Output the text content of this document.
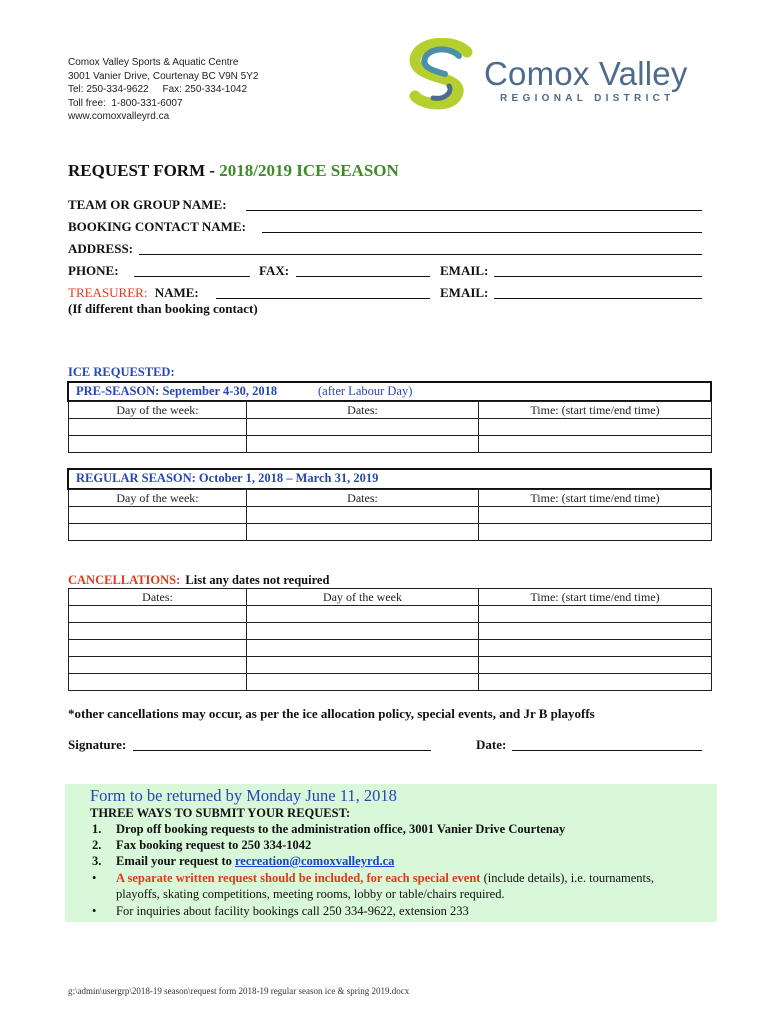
Comox Valley Sports & Aquatic Centre
3001 Vanier Drive, Courtenay BC V9N 5Y2
Tel: 250-334-9622     Fax: 250-334-1042
Toll free:  1-800-331-6007
www.comoxvalleyrd.ca
Comox Valley
REGIONAL DISTRICT
REQUEST FORM - 2018/2019 ICE SEASON
TEAM OR GROUP NAME:
BOOKING CONTACT NAME:
ADDRESS:
PHONE:	FAX:	EMAIL:
TREASURER: NAME:	EMAIL:
(If different than booking contact)
ICE REQUESTED:
PRE-SEASON: September 4-30, 2018	(after Labour Day)
Day of the week:	Dates:	Time: (start time/end time)

REGULAR SEASON: October 1, 2018 – March 31, 2019
Day of the week:	Dates:	Time: (start time/end time)

CANCELLATIONS: List any dates not required
Dates:	Day of the week	Time: (start time/end time)

*other cancellations may occur, as per the ice allocation policy, special events, and Jr B playoffs
Signature:	Date:
Form to be returned by Monday June 11, 2018
THREE WAYS TO SUBMIT YOUR REQUEST:
1. Drop off booking requests to the administration office, 3001 Vanier Drive Courtenay
2. Fax booking request to 250 334-1042
3. Email your request to recreation@comoxvalleyrd.ca
• A separate written request should be included, for each special event (include details), i.e. tournaments,
playoffs, skating competitions, meeting rooms, lobby or table/chairs required.
• For inquiries about facility bookings call 250 334-9622, extension 233
g:\admin\usergrp\2018-19 season\request form 2018-19 regular season ice & spring 2019.docx
